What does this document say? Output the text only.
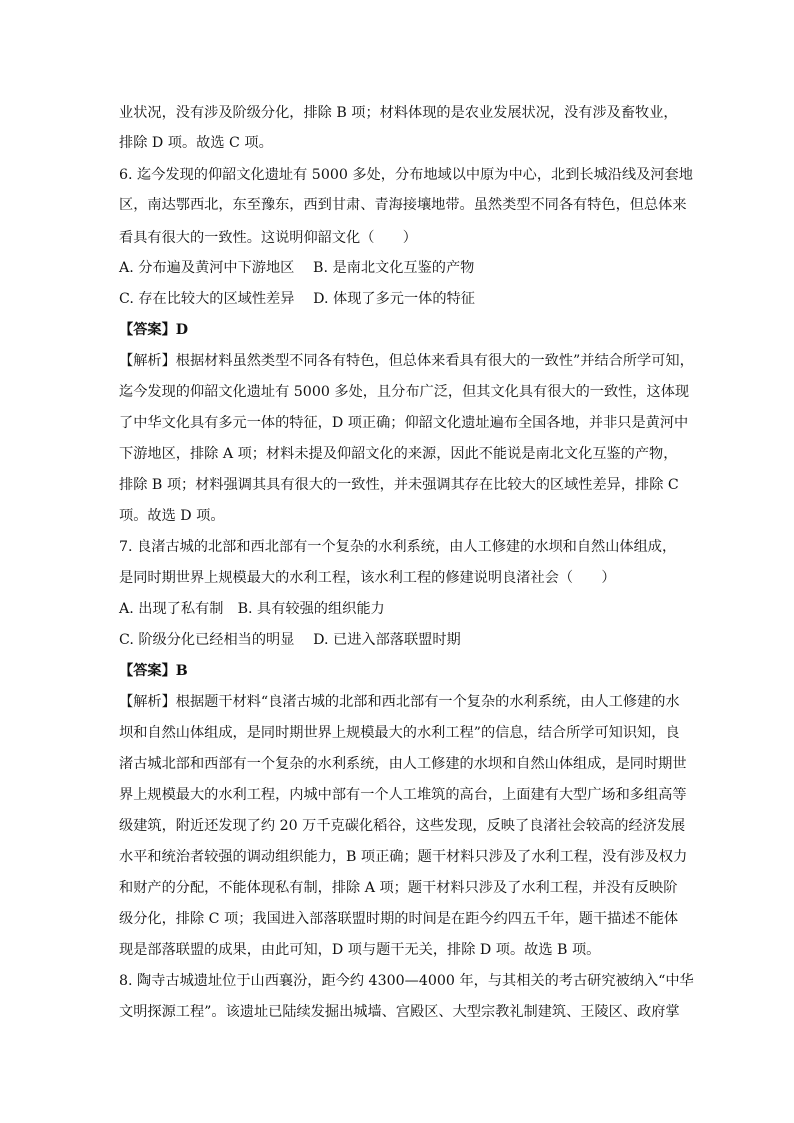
业状况，没有涉及阶级分化，排除 B 项；材料体现的是农业发展状况，没有涉及畜牧业，
排除 D 项。故选 C 项。
6. 迄今发现的仰韶文化遗址有 5000 多处，分布地域以中原为中心，北到长城沿线及河套地
区，南达鄂西北，东至豫东，西到甘肃、青海接壤地带。虽然类型不同各有特色，但总体来
看具有很大的一致性。这说明仰韶文化（　　）
A. 分布遍及黄河中下游地区　 B. 是南北文化互鉴的产物
C. 存在比较大的区域性差异　 D. 体现了多元一体的特征
【答案】D
【解析】根据材料虽然类型不同各有特色，但总体来看具有很大的一致性”并结合所学可知，
迄今发现的仰韶文化遗址有 5000 多处，且分布广泛，但其文化具有很大的一致性，这体现
了中华文化具有多元一体的特征，D 项正确；仰韶文化遗址遍布全国各地，并非只是黄河中
下游地区，排除 A 项；材料未提及仰韶文化的来源，因此不能说是南北文化互鉴的产物，
排除 B 项；材料强调其具有很大的一致性，并未强调其存在比较大的区域性差异，排除 C
项。故选 D 项。
7. 良渚古城的北部和西北部有一个复杂的水利系统，由人工修建的水坝和自然山体组成，
是同时期世界上规模最大的水利工程，该水利工程的修建说明良渚社会（　　）
A. 出现了私有制　B. 具有较强的组织能力
C. 阶级分化已经相当的明显　 D. 已进入部落联盟时期
【答案】B
【解析】根据题干材料“良渚古城的北部和西北部有一个复杂的水利系统，由人工修建的水
坝和自然山体组成，是同时期世界上规模最大的水利工程”的信息，结合所学可知识知，良
渚古城北部和西部有一个复杂的水利系统，由人工修建的水坝和自然山体组成，是同时期世
界上规模最大的水利工程，内城中部有一个人工堆筑的高台，上面建有大型广场和多组高等
级建筑，附近还发现了约 20 万千克碳化稻谷，这些发现，反映了良渚社会较高的经济发展
水平和统治者较强的调动组织能力，B 项正确；题干材料只涉及了水利工程，没有涉及权力
和财产的分配，不能体现私有制，排除 A 项；题干材料只涉及了水利工程，并没有反映阶
级分化，排除 C 项；我国进入部落联盟时期的时间是在距今约四五千年，题干描述不能体
现是部落联盟的成果，由此可知，D 项与题干无关，排除 D 项。故选 B 项。
8. 陶寺古城遗址位于山西襄汾，距今约 4300—4000 年，与其相关的考古研究被纳入“中华
文明探源工程”。该遗址已陆续发掘出城墙、宫殿区、大型宗教礼制建筑、王陵区、政府掌
